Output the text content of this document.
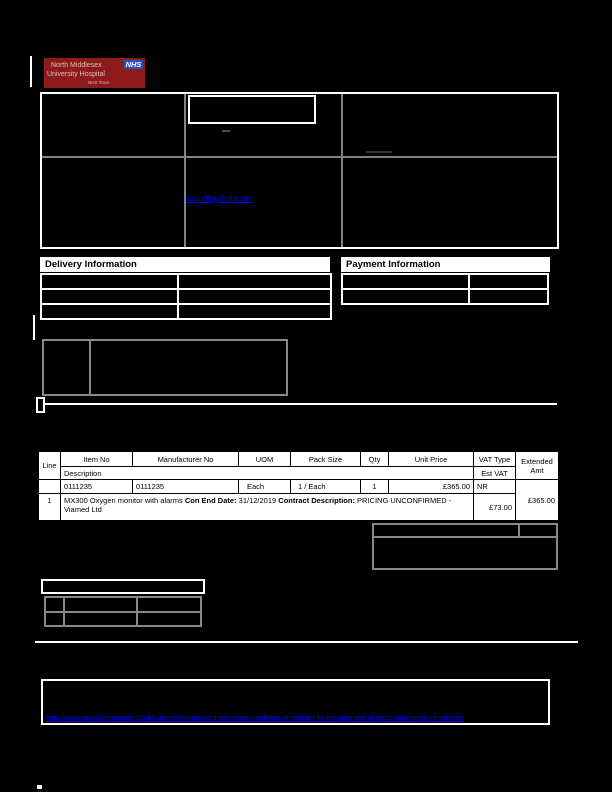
North Middlesex
University Hospital
NHS Trust
NHS
kspurling@nhs.net
Delivery Information	Payment Information
Line	Item No	Manufacturer No	UOM	Pack Size	Qty	Unit Price	VAT Type	Extended Amt
	Description						Est VAT	
	0111235	0111235	Each	1 / Each	1	£365.00	NR	£365.00
1	MX300 Oxygen monitor with alarms Con End Date: 31/12/2019 Contract Description: PRICING UNCONFIRMED - Viamed Ltd						£73.00	
https://www.gov.uk/government/publications/nhs-standard-terms-and-conditions-of-contract-for-the-purchase-of-goods-and-supply-of-services
